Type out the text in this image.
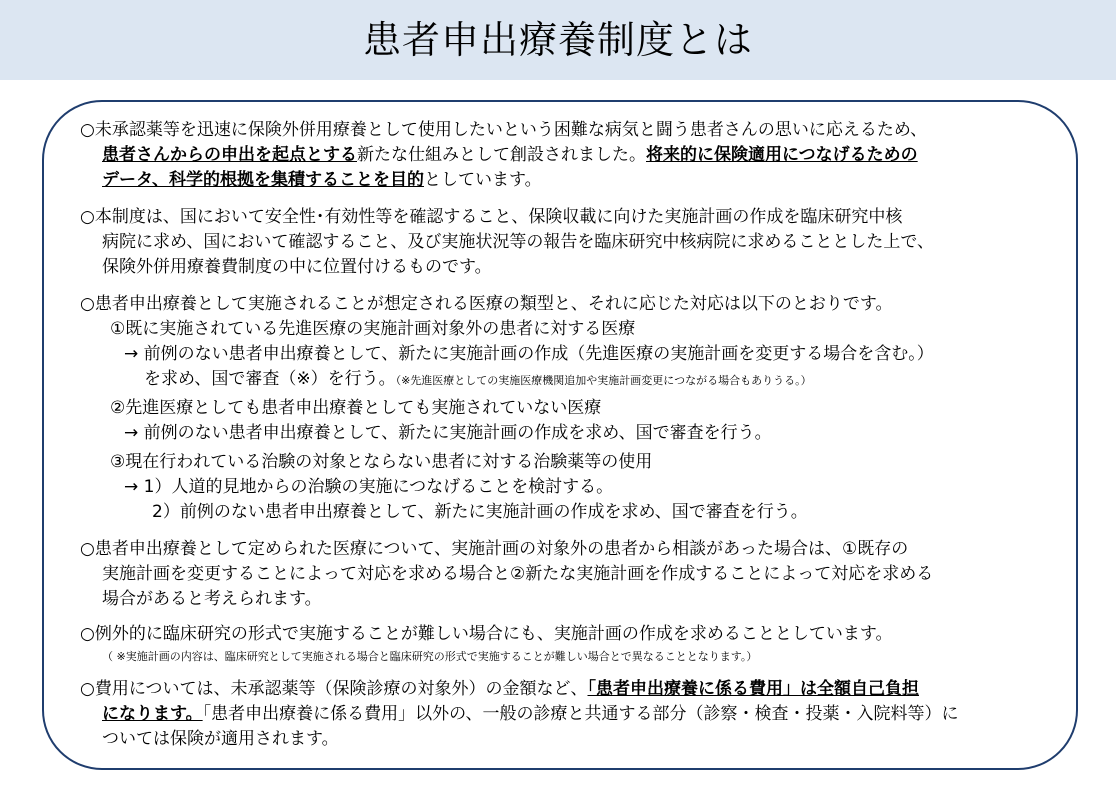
患者申出療養制度とは
○未承認薬等を迅速に保険外併用療養として使用したいという困難な病気と闘う患者さんの思いに応えるため、
患者さんからの申出を起点とする新たな仕組みとして創設されました。将来的に保険適用につなげるための
データ、科学的根拠を集積することを目的としています。
○本制度は、国において安全性･有効性等を確認すること、保険収載に向けた実施計画の作成を臨床研究中核
病院に求め、国において確認すること、及び実施状況等の報告を臨床研究中核病院に求めることとした上で、
保険外併用療養費制度の中に位置付けるものです。
○患者申出療養として実施されることが想定される医療の類型と、それに応じた対応は以下のとおりです。
①既に実施されている先進医療の実施計画対象外の患者に対する医療
→ 前例のない患者申出療養として、新たに実施計画の作成（先進医療の実施計画を変更する場合を含む。）
を求め、国で審査（※）を行う。（※先進医療としての実施医療機関追加や実施計画変更につながる場合もありうる。）
②先進医療としても患者申出療養としても実施されていない医療
→ 前例のない患者申出療養として、新たに実施計画の作成を求め、国で審査を行う。
③現在行われている治験の対象とならない患者に対する治験薬等の使用
→ 1）人道的見地からの治験の実施につなげることを検討する。
2）前例のない患者申出療養として、新たに実施計画の作成を求め、国で審査を行う。
○患者申出療養として定められた医療について、実施計画の対象外の患者から相談があった場合は、①既存の
実施計画を変更することによって対応を求める場合と②新たな実施計画を作成することによって対応を求める
場合があると考えられます。
○例外的に臨床研究の形式で実施することが難しい場合にも、実施計画の作成を求めることとしています。
（ ※実施計画の内容は、臨床研究として実施される場合と臨床研究の形式で実施することが難しい場合とで異なることとなります。）
○費用については、未承認薬等（保険診療の対象外）の金額など、「患者申出療養に係る費用」は全額自己負担
になります。「患者申出療養に係る費用」以外の、一般の診療と共通する部分（診察・検査・投薬・入院料等）に
ついては保険が適用されます。
